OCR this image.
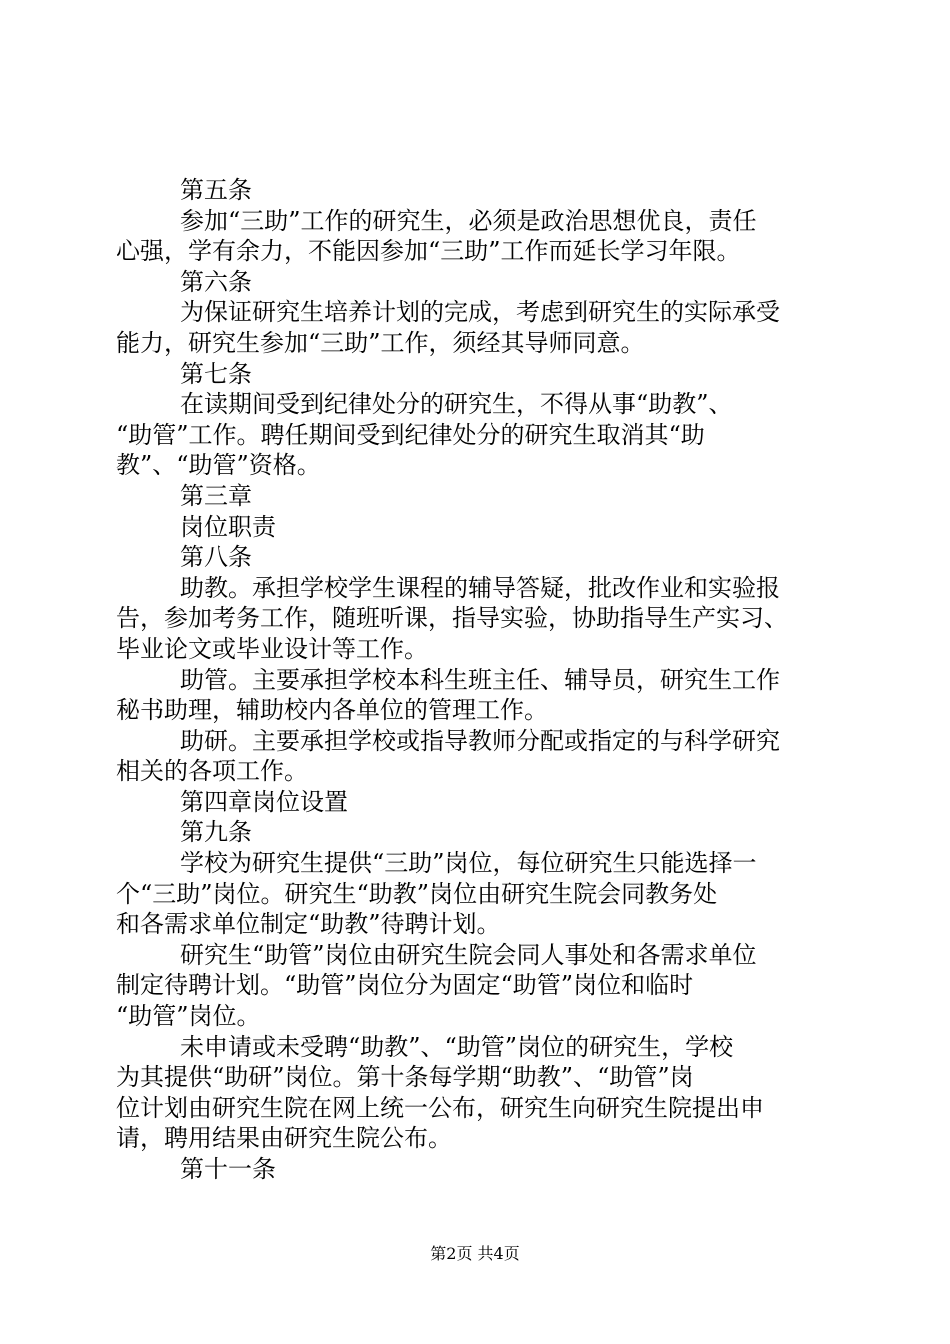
第五条
参加“三助”工作的研究生，必须是政治思想优良，责任
心强，学有余力，不能因参加“三助”工作而延长学习年限。
第六条
为保证研究生培养计划的完成，考虑到研究生的实际承受
能力，研究生参加“三助”工作，须经其导师同意。
第七条
在读期间受到纪律处分的研究生，不得从事“助教”、
“助管”工作。聘任期间受到纪律处分的研究生取消其“助
教”、“助管”资格。
第三章
岗位职责
第八条
助教。承担学校学生课程的辅导答疑，批改作业和实验报
告，参加考务工作，随班听课，指导实验，协助指导生产实习、
毕业论文或毕业设计等工作。
助管。主要承担学校本科生班主任、辅导员，研究生工作
秘书助理，辅助校内各单位的管理工作。
助研。主要承担学校或指导教师分配或指定的与科学研究
相关的各项工作。
第四章岗位设置
第九条
学校为研究生提供“三助”岗位，每位研究生只能选择一
个“三助”岗位。研究生“助教”岗位由研究生院会同教务处
和各需求单位制定“助教”待聘计划。
研究生“助管”岗位由研究生院会同人事处和各需求单位
制定待聘计划。“助管”岗位分为固定“助管”岗位和临时
“助管”岗位。
未申请或未受聘“助教”、“助管”岗位的研究生，学校
为其提供“助研”岗位。第十条每学期“助教”、“助管”岗
位计划由研究生院在网上统一公布，研究生向研究生院提出申
请，聘用结果由研究生院公布。
第十一条
第2页 共4页
